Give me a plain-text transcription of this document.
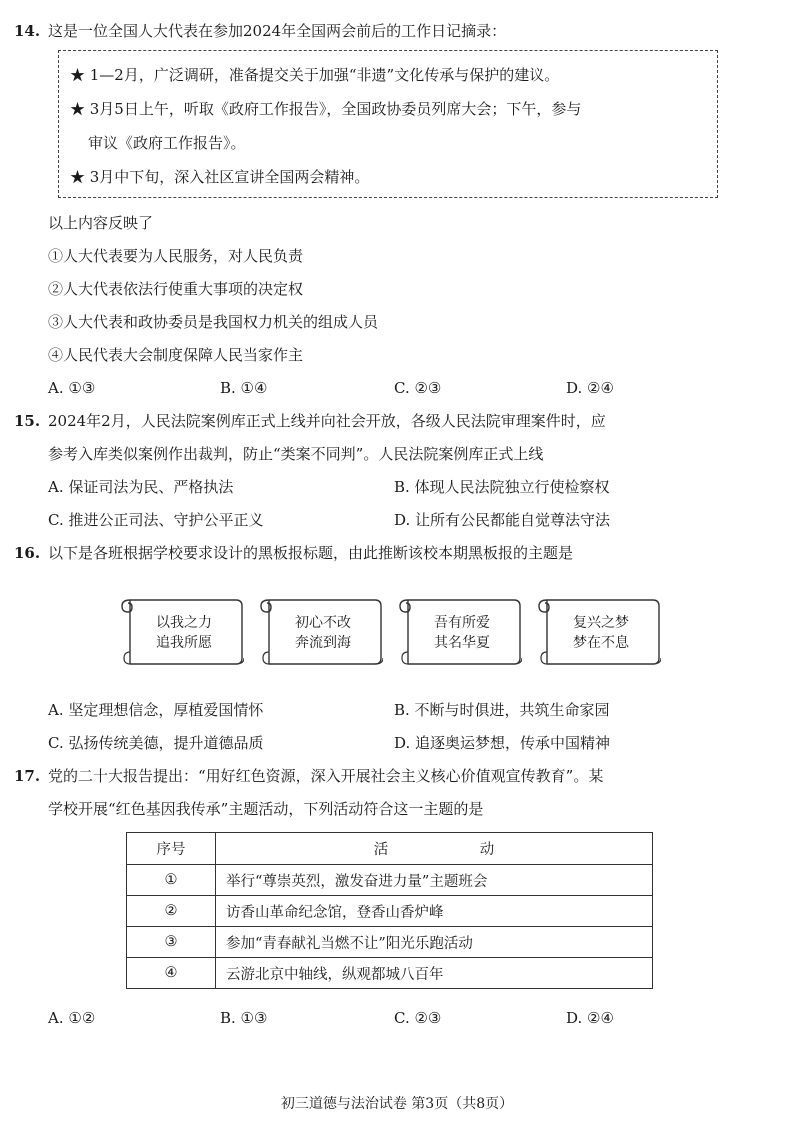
14. 这是一位全国人大代表在参加2024年全国两会前后的工作日记摘录：
★ 1—2月，广泛调研，准备提交关于加强“非遗”文化传承与保护的建议。
★ 3月5日上午，听取《政府工作报告》，全国政协委员列席大会；下午，参与
审议《政府工作报告》。
★ 3月中下旬，深入社区宣讲全国两会精神。
以上内容反映了
①人大代表要为人民服务，对人民负责
②人大代表依法行使重大事项的决定权
③人大代表和政协委员是我国权力机关的组成人员
④人民代表大会制度保障人民当家作主
A. ①③	B. ①④	C. ②③	D. ②④
15. 2024年2月，人民法院案例库正式上线并向社会开放，各级人民法院审理案件时，应
参考入库类似案例作出裁判，防止“类案不同判”。人民法院案例库正式上线
A. 保证司法为民、严格执法	B. 体现人民法院独立行使检察权
C. 推进公正司法、守护公平正义	D. 让所有公民都能自觉尊法守法
16. 以下是各班根据学校要求设计的黑板报标题，由此推断该校本期黑板报的主题是
以我之力
追我所愿
初心不改
奔流到海
吾有所爱
其名华夏
复兴之梦
梦在不息
A. 坚定理想信念，厚植爱国情怀	B. 不断与时俱进，共筑生命家园
C. 弘扬传统美德，提升道德品质	D. 追逐奥运梦想，传承中国精神
17. 党的二十大报告提出：“用好红色资源，深入开展社会主义核心价值观宣传教育”。某
学校开展“红色基因我传承”主题活动，下列活动符合这一主题的是
序号	活 动
①	举行“尊崇英烈，激发奋进力量”主题班会
②	访香山革命纪念馆，登香山香炉峰
③	参加“青春献礼当燃不让”阳光乐跑活动
④	云游北京中轴线，纵观都城八百年
A. ①②	B. ①③	C. ②③	D. ②④
初三道德与法治试卷 第3页（共8页）
